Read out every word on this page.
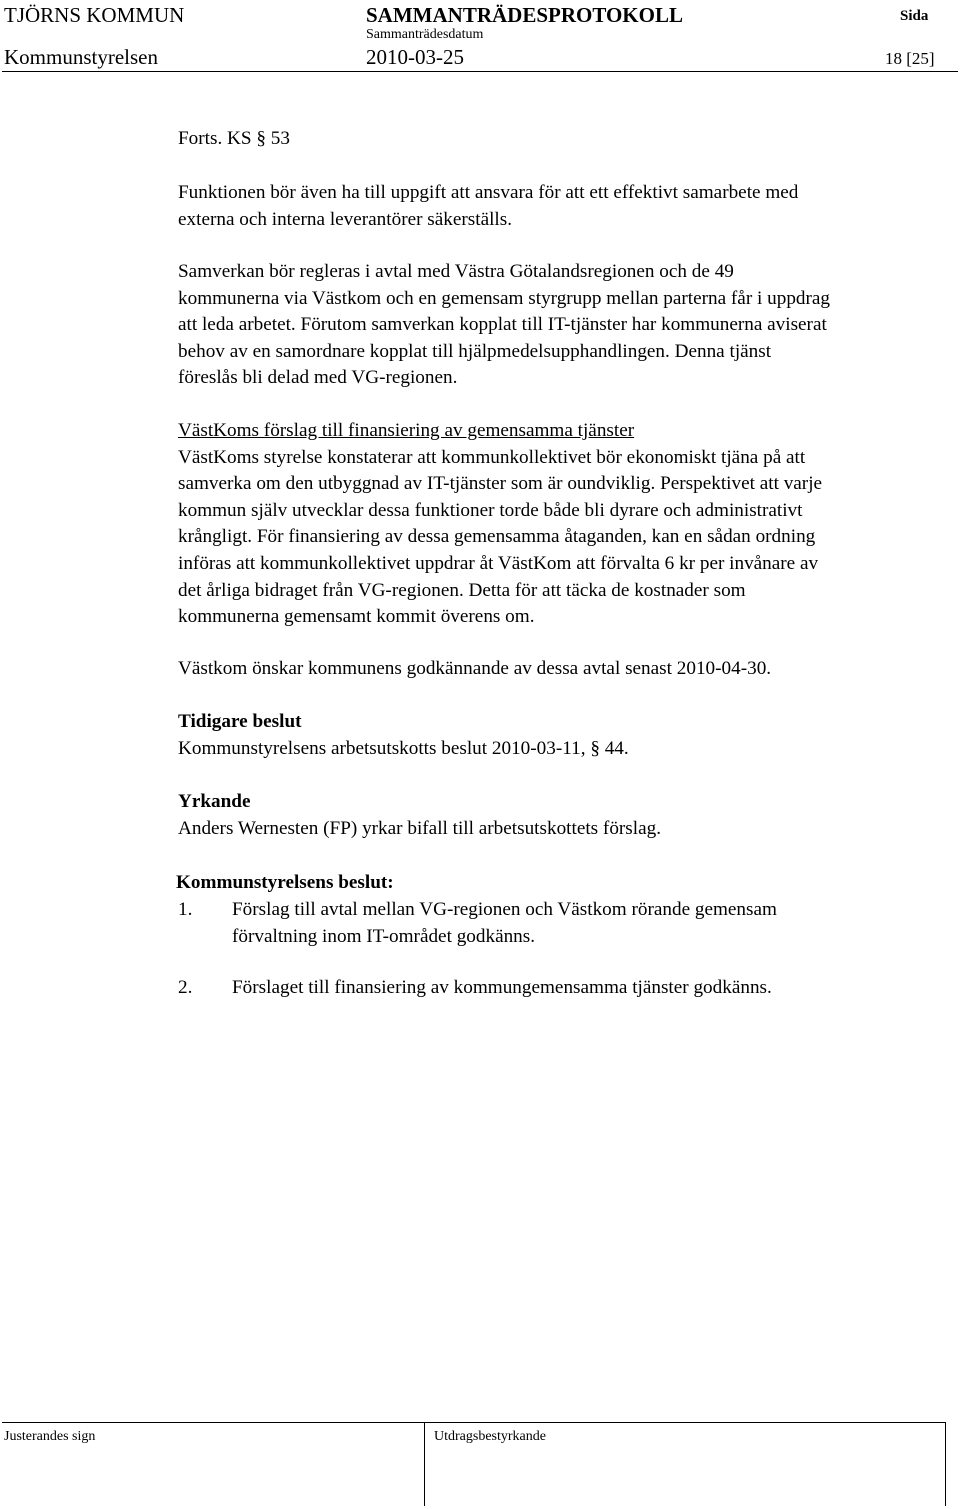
TJÖRNS KOMMUN	SAMMANTRÄDESPROTOKOLL	Sida
Sammanträdesdatum
Kommunstyrelsen	2010-03-25	18 [25]

Forts. KS § 53

Funktionen bör även ha till uppgift att ansvara för att ett effektivt samarbete med

externa och interna leverantörer säkerställs.

Samverkan bör regleras i avtal med Västra Götalandsregionen och de 49

kommunerna via Västkom och en gemensam styrgrupp mellan parterna får i uppdrag

att leda arbetet. Förutom samverkan kopplat till IT-tjänster har kommunerna aviserat

behov av en samordnare kopplat till hjälpmedelsupphandlingen. Denna tjänst

föreslås bli delad med VG-regionen.

VästKoms förslag till finansiering av gemensamma tjänster

VästKoms styrelse konstaterar att kommunkollektivet bör ekonomiskt tjäna på att

samverka om den utbyggnad av IT-tjänster som är oundviklig. Perspektivet att varje

kommun själv utvecklar dessa funktioner torde både bli dyrare och administrativt

krångligt. För finansiering av dessa gemensamma åtaganden, kan en sådan ordning

införas att kommunkollektivet uppdrar åt VästKom att förvalta 6 kr per invånare av

det årliga bidraget från VG-regionen. Detta för att täcka de kostnader som

kommunerna gemensamt kommit överens om.

Västkom önskar kommunens godkännande av dessa avtal senast 2010-04-30.

Tidigare beslut

Kommunstyrelsens arbetsutskotts beslut 2010-03-11, § 44.

Yrkande

Anders Wernesten (FP) yrkar bifall till arbetsutskottets förslag.

Kommunstyrelsens beslut:
1. Förslag till avtal mellan VG-regionen och Västkom rörande gemensam
förvaltning inom IT-området godkänns.
2. Förslaget till finansiering av kommungemensamma tjänster godkänns.
Justerandes sign	Utdragsbestyrkande
